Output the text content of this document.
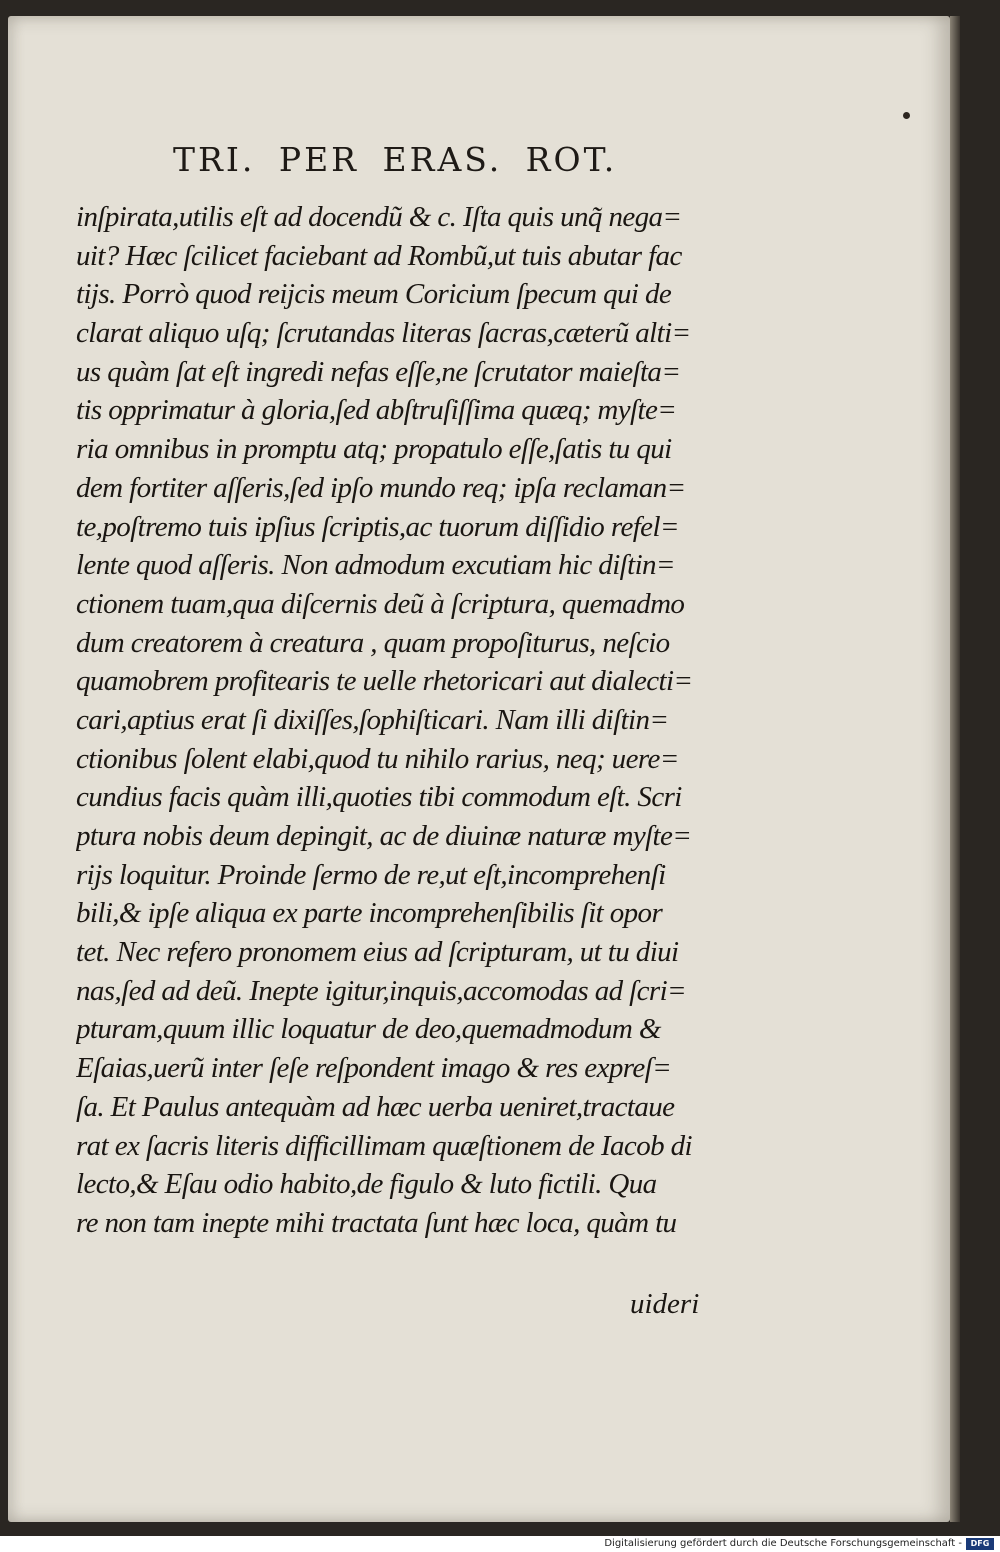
TRI. PER ERAS. ROT.
inſpirata,utilis eſt ad docendũ & c. Iſta quis unq̃ nega=
uit? Hæc ſcilicet faciebant ad Rombũ,ut tuis abutar fac
tijs. Porrò quod reijcis meum Coricium ſpecum qui de
clarat aliquo uſq; ſcrutandas literas ſacras,cæterũ alti=
us quàm ſat eſt ingredi nefas eſſe,ne ſcrutator maieſta=
tis opprimatur à gloria,ſed abſtruſiſſima quæq; myſte=
ria omnibus in promptu atq; propatulo eſſe,ſatis tu qui
dem fortiter aſſeris,ſed ipſo mundo req; ipſa reclaman=
te,poſtremo tuis ipſius ſcriptis,ac tuorum diſſidio refel=
lente quod aſſeris. Non admodum excutiam hic diſtin=
ctionem tuam,qua diſcernis deũ à ſcriptura, quemadmo
dum creatorem à creatura , quam propoſiturus, neſcio
quamobrem profitearis te uelle rhetoricari aut dialecti=
cari,aptius erat ſi dixiſſes,ſophiſticari. Nam illi diſtin=
ctionibus ſolent elabi,quod tu nihilo rarius, neq; uere=
cundius facis quàm illi,quoties tibi commodum eſt. Scri
ptura nobis deum depingit, ac de diuinæ naturæ myſte=
rijs loquitur. Proinde ſermo de re,ut eſt,incomprehenſi
bili,& ipſe aliqua ex parte incomprehenſibilis ſit opor
tet. Nec refero pronomem eius ad ſcripturam, ut tu diui
nas,ſed ad deũ. Inepte igitur,inquis,accomodas ad ſcri=
pturam,quum illic loquatur de deo,quemadmodum &
Eſaias,uerũ inter ſeſe reſpondent imago & res expreſ=
ſa. Et Paulus antequàm ad hæc uerba ueniret,tractaue
rat ex ſacris literis difficillimam quæſtionem de Iacob di
lecto,& Eſau odio habito,de figulo & luto fictili. Qua
re non tam inepte mihi tractata ſunt hæc loca, quàm tu
uideri
Digitalisierung gefördert durch die Deutsche Forschungsgemeinschaft -	DFG
